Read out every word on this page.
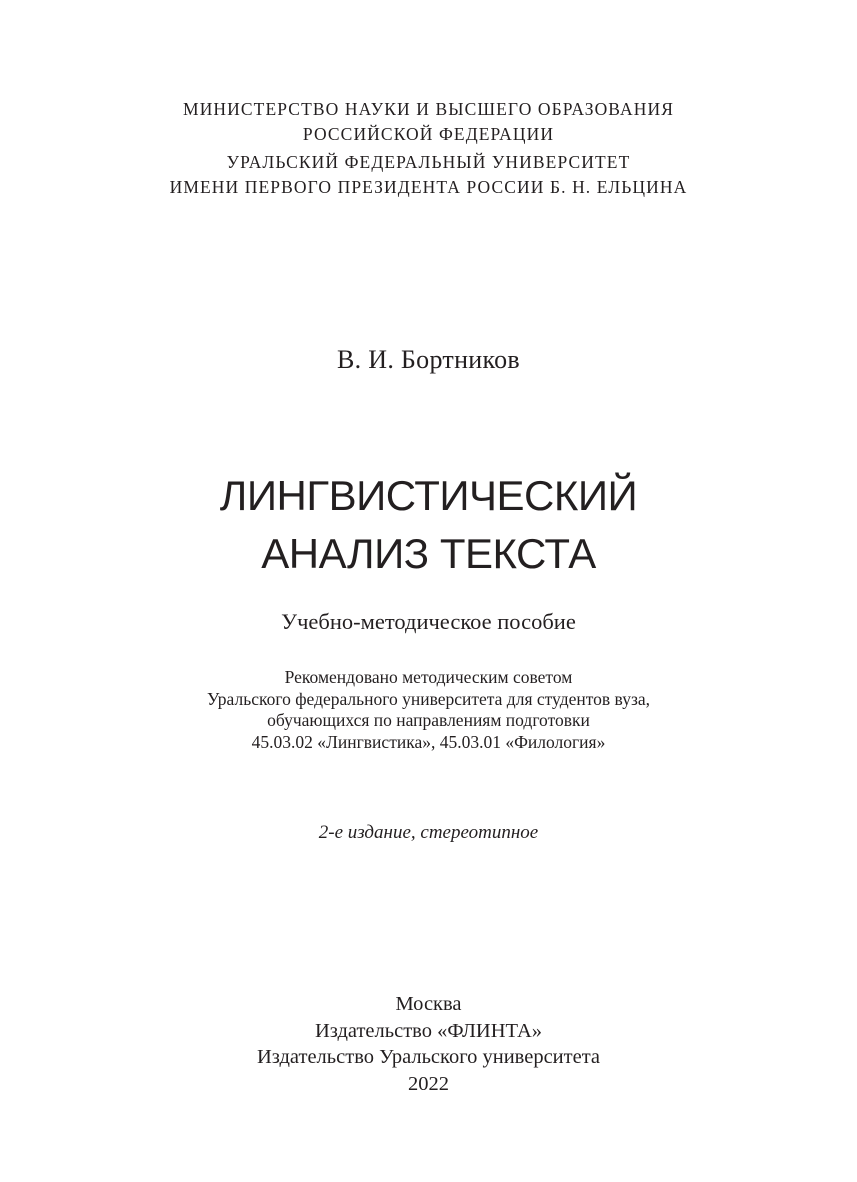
МИНИСТЕРСТВО НАУКИ И ВЫСШЕГО ОБРАЗОВАНИЯ
РОССИЙСКОЙ ФЕДЕРАЦИИ
УРАЛЬСКИЙ ФЕДЕРАЛЬНЫЙ УНИВЕРСИТЕТ
ИМЕНИ ПЕРВОГО ПРЕЗИДЕНТА РОССИИ Б. Н. ЕЛЬЦИНА
В. И. Бортников
ЛИНГВИСТИЧЕСКИЙ
АНАЛИЗ ТЕКСТА
Учебно-методическое пособие
Рекомендовано методическим советом
Уральского федерального университета для студентов вуза,
обучающихся по направлениям подготовки
45.03.02 «Лингвистика», 45.03.01 «Филология»
2-е издание, стереотипное
Москва
Издательство «ФЛИНТА»
Издательство Уральского университета
2022
